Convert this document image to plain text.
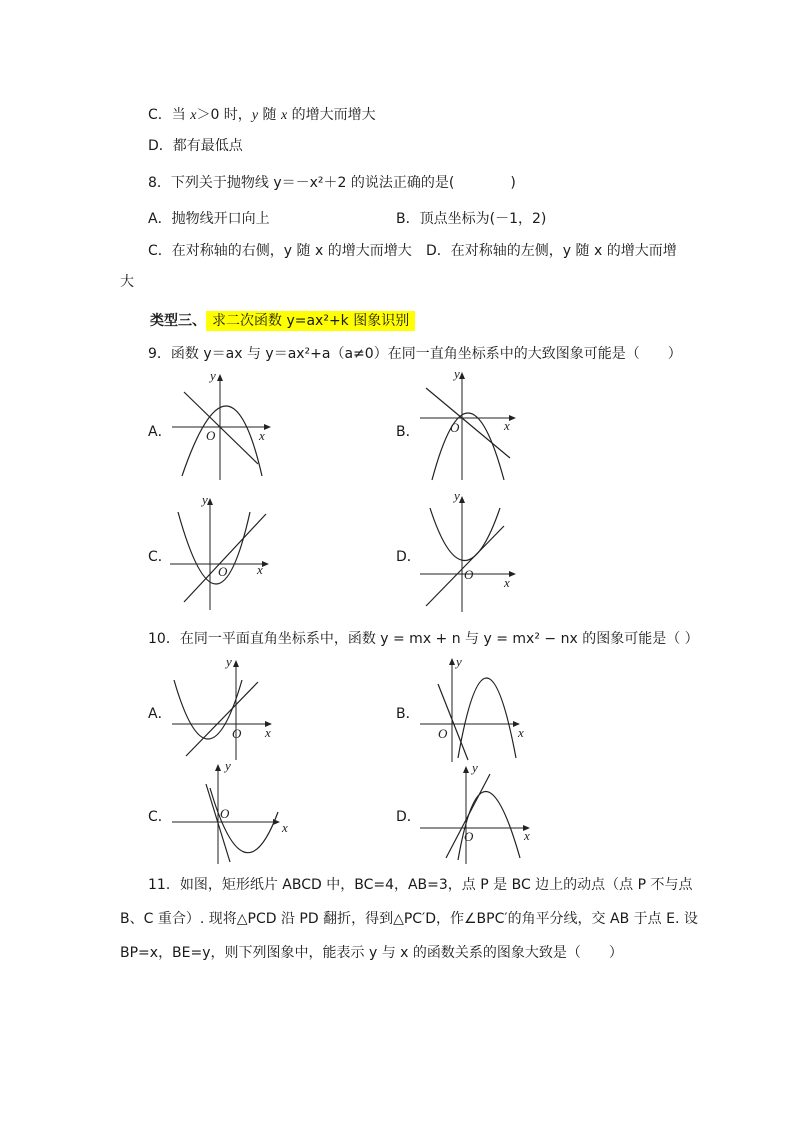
C．当 x＞0 时，y 随 x 的增大而增大
D．都有最低点
8．下列关于抛物线 y＝－x²＋2 的说法正确的是(　　　　)
A．抛物线开口向上	B．顶点坐标为(－1，2)
C．在对称轴的右侧，y 随 x 的增大而增大 D．在对称轴的左侧，y 随 x 的增大而增
大
类型三、 求二次函数 y=ax²+k 图象识别
9．函数 y＝ax 与 y＝ax²+a（a≠0）在同一直角坐标系中的大致图象可能是（　　）
A．	B．
C．	D．
x
y
O
x
y
O
x
y
O
x
y
O
10．在同一平面直角坐标系中，函数 y = mx + n 与 y = mx² − nx 的图象可能是（ ）
A．	B．
C．	D．
x
y
O	x
y
O
x
y
O
x
y
O
11．如图，矩形纸片 ABCD 中，BC=4，AB=3，点 P 是 BC 边上的动点（点 P 不与点
B、C 重合）. 现将△PCD 沿 PD 翻折，得到△PC′D，作∠BPC′的角平分线，交 AB 于点 E. 设
BP=x，BE=y，则下列图象中，能表示 y 与 x 的函数关系的图象大致是（　　）
